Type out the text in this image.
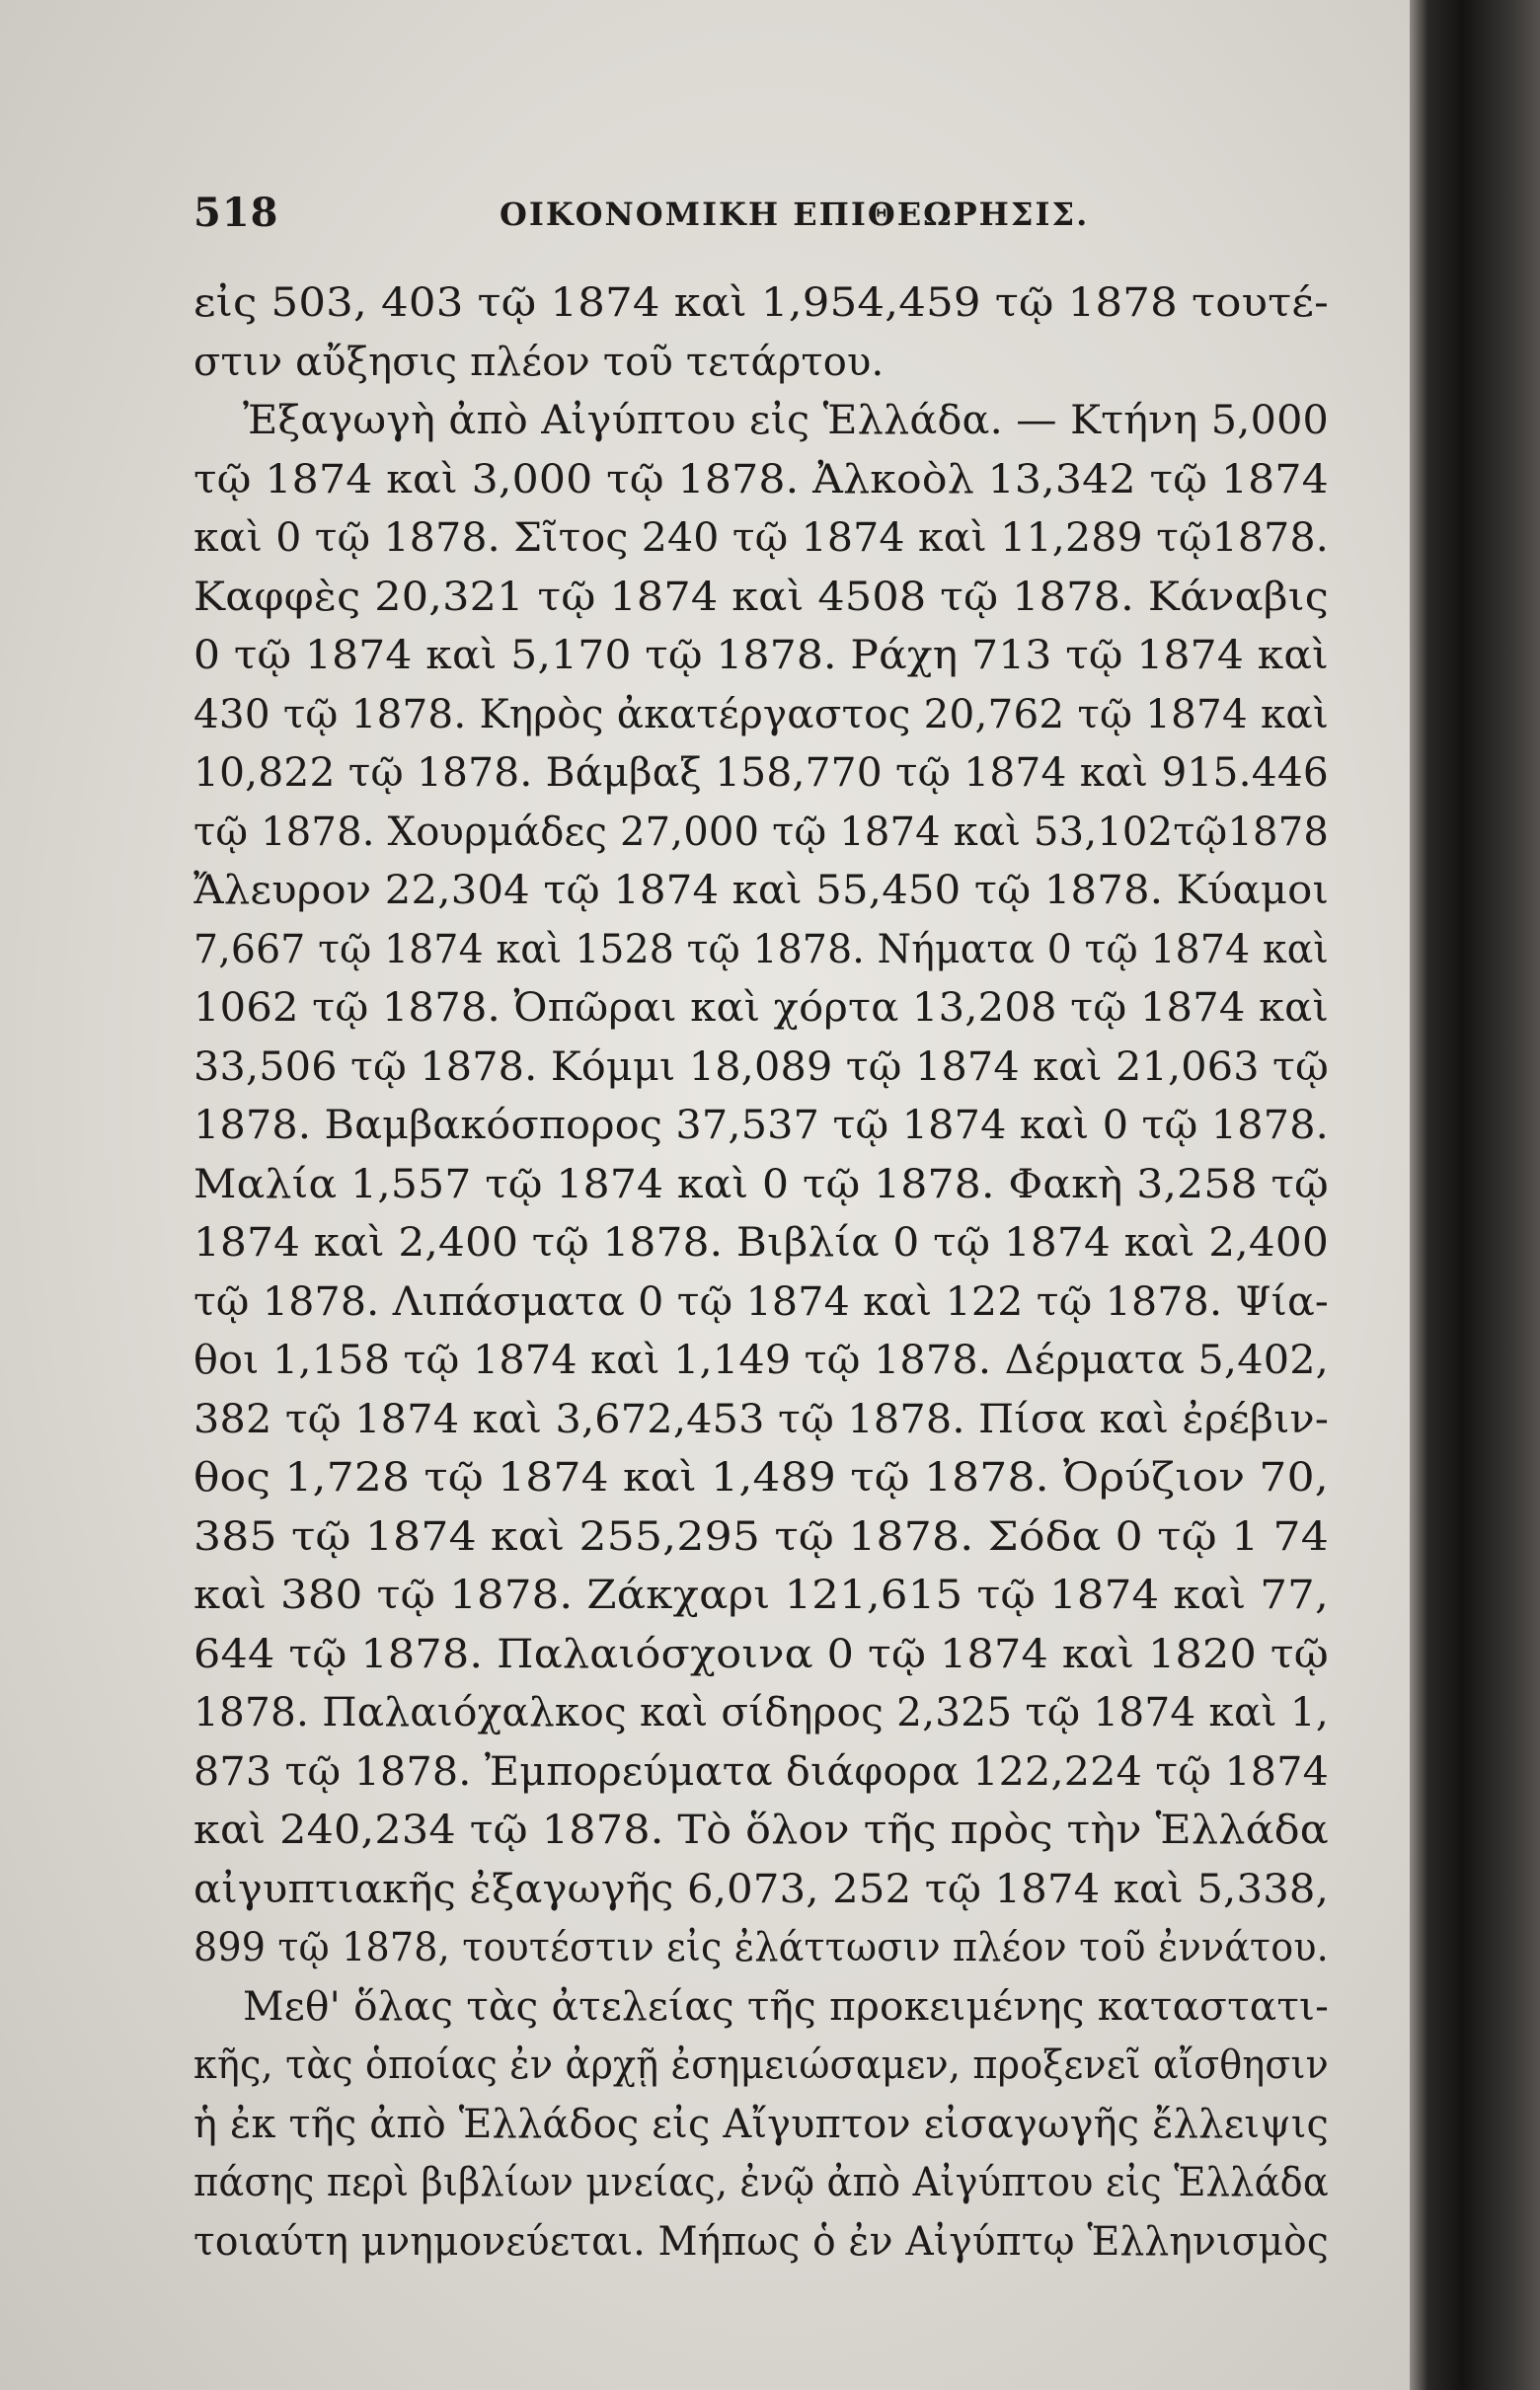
518	ΟΙΚΟΝΟΜΙΚΗ ΕΠΙΘΕΩΡΗΣΙΣ.
εἰς 503, 403 τῷ 1874 καὶ 1,954,459 τῷ 1878 τουτέ-
στιν αὔξησις πλέον τοῦ τετάρτου.
Ἐξαγωγὴ ἀπὸ Αἰγύπτου εἰς Ἑλλάδα. — Κτήνη 5,000
τῷ 1874 καὶ 3,000 τῷ 1878. Ἀλκοὸλ 13,342 τῷ 1874
καὶ 0 τῷ 1878. Σῖτος 240 τῷ 1874 καὶ 11,289 τῷ1878.
Καφφὲς 20,321 τῷ 1874 καὶ 4508 τῷ 1878. Κάναβις
0 τῷ 1874 καὶ 5,170 τῷ 1878. Ράχη 713 τῷ 1874 καὶ
430 τῷ 1878. Κηρὸς ἀκατέργαστος 20,762 τῷ 1874 καὶ
10,822 τῷ 1878. Βάμβαξ 158,770 τῷ 1874 καὶ 915.446
τῷ 1878. Χουρμάδες 27,000 τῷ 1874 καὶ 53,102τῷ1878
Ἄλευρον 22,304 τῷ 1874 καὶ 55,450 τῷ 1878. Κύαμοι
7,667 τῷ 1874 καὶ 1528 τῷ 1878. Νήματα 0 τῷ 1874 καὶ
1062 τῷ 1878. Ὀπῶραι καὶ χόρτα 13,208 τῷ 1874 καὶ
33,506 τῷ 1878. Κόμμι 18,089 τῷ 1874 καὶ 21,063 τῷ
1878. Βαμβακόσπορος 37,537 τῷ 1874 καὶ 0 τῷ 1878.
Μαλία 1,557 τῷ 1874 καὶ 0 τῷ 1878. Φακὴ 3,258 τῷ
1874 καὶ 2,400 τῷ 1878. Βιβλία 0 τῷ 1874 καὶ 2,400
τῷ 1878. Λιπάσματα 0 τῷ 1874 καὶ 122 τῷ 1878. Ψία-
θοι 1,158 τῷ 1874 καὶ 1,149 τῷ 1878. Δέρματα 5,402,
382 τῷ 1874 καὶ 3,672,453 τῷ 1878. Πίσα καὶ ἐρέβιν-
θος 1,728 τῷ 1874 καὶ 1,489 τῷ 1878. Ὀρύζιον 70,
385 τῷ 1874 καὶ 255,295 τῷ 1878. Σόδα 0 τῷ 1 74
καὶ 380 τῷ 1878. Ζάκχαρι 121,615 τῷ 1874 καὶ 77,
644 τῷ 1878. Παλαιόσχοινα 0 τῷ 1874 καὶ 1820 τῷ
1878. Παλαιόχαλκος καὶ σίδηρος 2,325 τῷ 1874 καὶ 1,
873 τῷ 1878. Ἐμπορεύματα διάφορα 122,224 τῷ 1874
καὶ 240,234 τῷ 1878. Τὸ ὅλον τῆς πρὸς τὴν Ἑλλάδα
αἰγυπτιακῆς ἐξαγωγῆς 6,073, 252 τῷ 1874 καὶ 5,338,
899 τῷ 1878, τουτέστιν εἰς ἐλάττωσιν πλέον τοῦ ἐννάτου.
Μεθ' ὅλας τὰς ἀτελείας τῆς προκειμένης καταστατι-
κῆς, τὰς ὁποίας ἐν ἀρχῇ ἐσημειώσαμεν, προξενεῖ αἴσθησιν
ἡ ἐκ τῆς ἀπὸ Ἑλλάδος εἰς Αἴγυπτον εἰσαγωγῆς ἔλλειψις
πάσης περὶ βιβλίων μνείας, ἐνῷ ἀπὸ Αἰγύπτου εἰς Ἑλλάδα
τοιαύτη μνημονεύεται. Μήπως ὁ ἐν Αἰγύπτῳ Ἑλληνισμὸς
